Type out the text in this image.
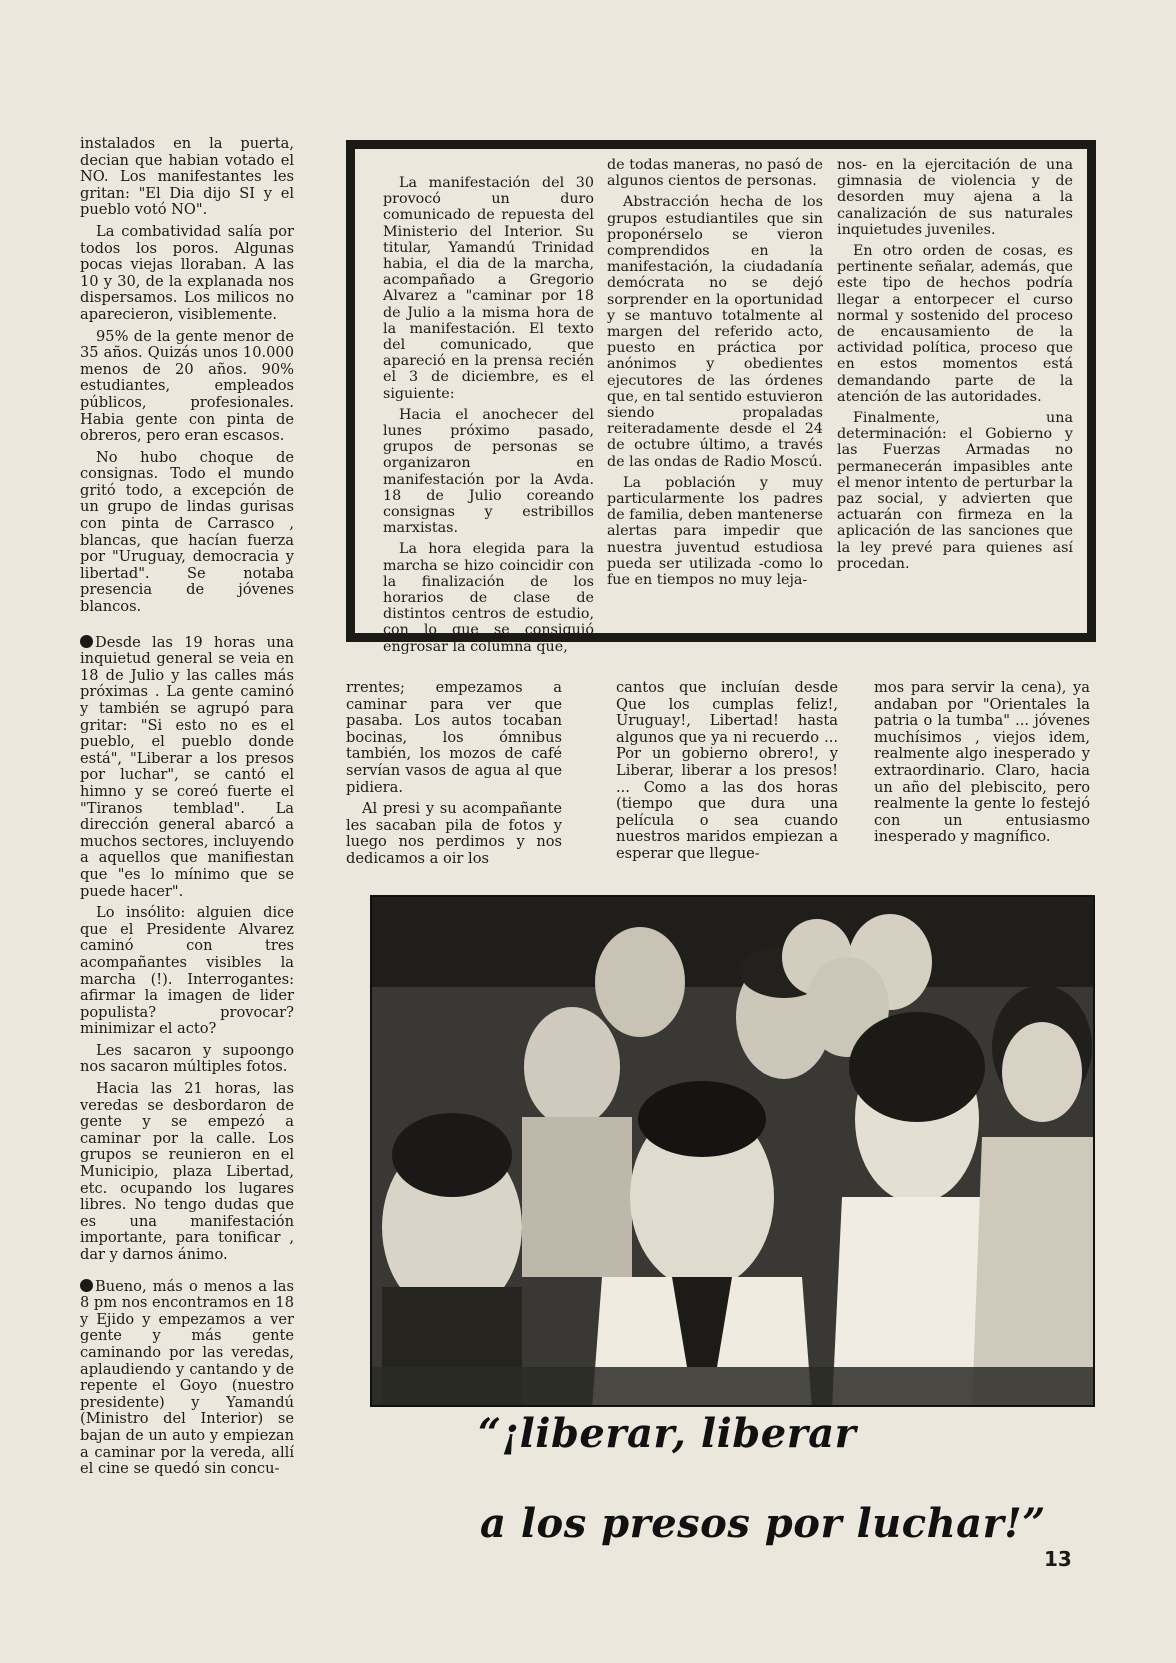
instalados en la puerta, decian que habian votado el NO. Los manifestantes les gritan: "El Dia dijo SI y el pueblo votó NO".

La combatividad salía por todos los poros. Algunas pocas viejas lloraban. A las 10 y 30, de la explanada nos dispersamos. Los milicos no aparecieron, visiblemente.

95% de la gente menor de 35 años. Quizás unos 10.000 menos de 20 años. 90% estudiantes, empleados públicos, profesionales. Habia gente con pinta de obreros, pero eran escasos.

No hubo choque de consignas. Todo el mundo gritó todo, a excepción de un grupo de lindas gurisas con pinta de Carrasco , blancas, que hacían fuerza por "Uruguay, democracia y libertad". Se notaba presencia de jóvenes blancos.

Desde las 19 horas una inquietud general se veia en 18 de Julio y las calles más próximas . La gente caminó y también se agrupó para gritar: "Si esto no es el pueblo, el pueblo donde está", "Liberar a los presos por luchar", se cantó el himno y se coreó fuerte el "Tiranos temblad". La dirección general abarcó a muchos sectores, incluyendo a aquellos que manifiestan que "es lo mínimo que se puede hacer".

Lo insólito: alguien dice que el Presidente Alvarez caminó con tres acompañantes visibles la marcha (!). Interrogantes: afirmar la imagen de lider populista? provocar? minimizar el acto?

Les sacaron y supoongo nos sacaron múltiples fotos.

Hacia las 21 horas, las veredas se desbordaron de gente y se empezó a caminar por la calle. Los grupos se reunieron en el Municipio, plaza Libertad, etc. ocupando los lugares libres. No tengo dudas que es una manifestación importante, para tonificar , dar y darnos ánimo.

Bueno, más o menos a las 8 pm nos encontramos en 18 y Ejido y empezamos a ver gente y más gente caminando por las veredas, aplaudiendo y cantando y de repente el Goyo (nuestro presidente) y Yamandú (Ministro del Interior) se bajan de un auto y empiezan a caminar por la vereda, allí el cine se quedó sin concu-

La manifestación del 30 provocó un duro comunicado de repuesta del Ministerio del Interior. Su titular, Yamandú Trinidad habia, el dia de la marcha, acompañado a Gregorio Alvarez a "caminar por 18 de Julio a la misma hora de la manifestación. El texto del comunicado, que apareció en la prensa recién el 3 de diciembre, es el siguiente:

Hacia el anochecer del lunes próximo pasado, grupos de personas se organizaron en manifestación por la Avda. 18 de Julio coreando consignas y estribillos marxistas.

La hora elegida para la marcha se hizo coincidir con la finalización de los horarios de clase de distintos centros de estudio, con lo que se consiguió engrosar la columna que,

de todas maneras, no pasó de algunos cientos de personas.

Abstracción hecha de los grupos estudiantiles que sin proponérselo se vieron comprendidos en la manifestación, la ciudadanía demócrata no se dejó sorprender en la oportunidad y se mantuvo totalmente al margen del referido acto, puesto en práctica por anónimos y obedientes ejecutores de las órdenes que, en tal sentido estuvieron siendo propaladas reiteradamente desde el 24 de octubre último, a través de las ondas de Radio Moscú.

La población y muy particularmente los padres de familia, deben mantenerse alertas para impedir que nuestra juventud estudiosa pueda ser utilizada -como lo fue en tiempos no muy leja-

nos- en la ejercitación de una gimnasia de violencia y de desorden muy ajena a la canalización de sus naturales inquietudes juveniles.

En otro orden de cosas, es pertinente señalar, además, que este tipo de hechos podría llegar a entorpecer el curso normal y sostenido del proceso de encausamiento de la actividad política, proceso que en estos momentos está demandando parte de la atención de las autoridades.

Finalmente, una determinación: el Gobierno y las Fuerzas Armadas no permanecerán impasibles ante el menor intento de perturbar la paz social, y advierten que actuarán con firmeza en la aplicación de las sanciones que la ley prevé para quienes así procedan.

rrentes; empezamos a caminar para ver que pasaba. Los autos tocaban bocinas, los ómnibus también, los mozos de café servían vasos de agua al que pidiera.

Al presi y su acompañante les sacaban pila de fotos y luego nos perdimos y nos dedicamos a oir los

cantos que incluían desde Que los cumplas feliz!, Uruguay!, Libertad! hasta algunos que ya ni recuerdo ... Por un gobierno obrero!, y Liberar, liberar a los presos! ... Como a las dos horas (tiempo que dura una película o sea cuando nuestros maridos empiezan a esperar que llegue-

mos para servir la cena), ya andaban por "Orientales la patria o la tumba" ... jóvenes muchísimos , viejos idem, realmente algo inesperado y extraordinario. Claro, hacia un año del plebiscito, pero realmente la gente lo festejó con un entusiasmo inesperado y magnífico.

“¡liberar, liberar
a los presos por luchar!”
13
